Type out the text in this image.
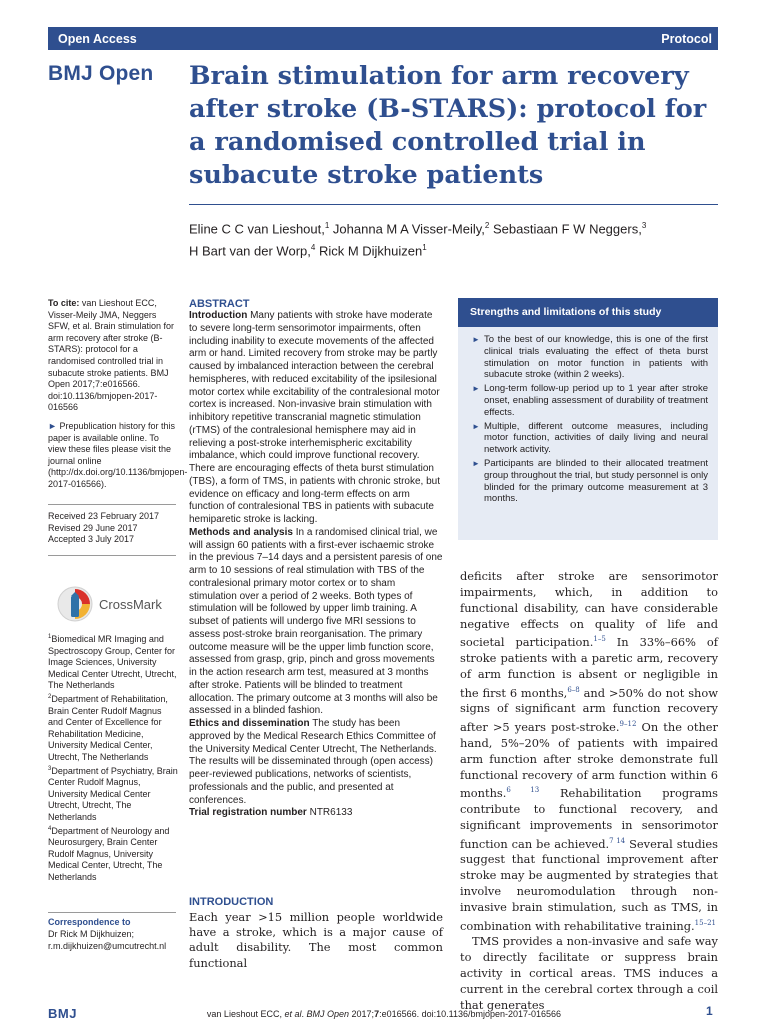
Open Access	Protocol
BMJ Open Brain stimulation for arm recovery after stroke (B-STARS): protocol for a randomised controlled trial in subacute stroke patients
Eline C C van Lieshout,$^1$ Johanna M A Visser-Meily,$^2$ Sebastiaan F W Neggers,$^3$
H Bart van der Worp,$^4$ Rick M Dijkhuizen$^1$
To cite: van Lieshout ECC, Visser-Meily JMA, Neggers SFW, et al. Brain stimulation for arm recovery after stroke (B-STARS): protocol for a randomised controlled trial in subacute stroke patients. BMJ Open 2017;7:e016566. doi:10.1136/bmjopen-2017-016566
► Prepublication history for this paper is available online. To view these files please visit the journal online (http://dx.doi.org/10.1136/bmjopen-2017-016566).
Received 23 February 2017
Revised 29 June 2017
Accepted 3 July 2017
CrossMark
$^1$Biomedical MR Imaging and Spectroscopy Group, Center for Image Sciences, University Medical Center Utrecht, Utrecht, The Netherlands
$^2$Department of Rehabilitation, Brain Center Rudolf Magnus and Center of Excellence for Rehabilitation Medicine, University Medical Center, Utrecht, The Netherlands
$^3$Department of Psychiatry, Brain Center Rudolf Magnus, University Medical Center Utrecht, Utrecht, The Netherlands
$^4$Department of Neurology and Neurosurgery, Brain Center Rudolf Magnus, University Medical Center, Utrecht, The Netherlands
Correspondence to
Dr Rick M Dijkhuizen;
r.m.dijkhuizen@umcutrecht.nl
ABSTRACT
Introduction Many patients with stroke have moderate to severe long-term sensorimotor impairments, often including inability to execute movements of the affected arm or hand. Limited recovery from stroke may be partly caused by imbalanced interaction between the cerebral hemispheres, with reduced excitability of the ipsilesional motor cortex while excitability of the contralesional motor cortex is increased. Non-invasive brain stimulation with inhibitory repetitive transcranial magnetic stimulation (rTMS) of the contralesional hemisphere may aid in relieving a post-stroke interhemispheric excitability imbalance, which could improve functional recovery. There are encouraging effects of theta burst stimulation (TBS), a form of TMS, in patients with chronic stroke, but evidence on efficacy and long-term effects on arm function of contralesional TBS in patients with subacute hemiparetic stroke is lacking.
Methods and analysis In a randomised clinical trial, we will assign 60 patients with a first-ever ischaemic stroke in the previous 7–14 days and a persistent paresis of one arm to 10 sessions of real stimulation with TBS of the contralesional primary motor cortex or to sham stimulation over a period of 2 weeks. Both types of stimulation will be followed by upper limb training. A subset of patients will undergo five MRI sessions to assess post-stroke brain reorganisation. The primary outcome measure will be the upper limb function score, assessed from grasp, grip, pinch and gross movements in the action research arm test, measured at 3 months after stroke. Patients will be blinded to treatment allocation. The primary outcome at 3 months will also be assessed in a blinded fashion.
Ethics and dissemination The study has been approved by the Medical Research Ethics Committee of the University Medical Center Utrecht, The Netherlands. The results will be disseminated through (open access) peer-reviewed publications, networks of scientists, professionals and the public, and presented at conferences.
Trial registration number NTR6133
Strengths and limitations of this study
► To the best of our knowledge, this is one of the first clinical trials evaluating the effect of theta burst stimulation on motor function in patients with subacute stroke (within 2 weeks).
► Long-term follow-up period up to 1 year after stroke onset, enabling assessment of durability of treatment effects.
► Multiple, different outcome measures, including motor function, activities of daily living and neural network activity.
► Participants are blinded to their allocated treatment group throughout the trial, but study personnel is only blinded for the primary outcome measurement at 3 months.

deficits after stroke are sensorimotor impairments, which, in addition to functional disability, can have considerable negative effects on quality of life and societal participation.$^{1-5}$ In 33%–66% of stroke patients with a paretic arm, recovery of arm function is absent or negligible in the first 6 months,$^{6-8}$ and >50% do not show signs of significant arm function recovery after >5 years post-stroke.$^{9-12}$ On the other hand, 5%–20% of patients with impaired arm function after stroke demonstrate full functional recovery of arm function within 6 months.$^{6 13}$ Rehabilitation programs contribute to functional recovery, and significant improvements in sensorimotor function can be achieved.$^{7 14}$ Several studies suggest that functional improvement after stroke may be augmented by strategies that involve neuromodulation through non-invasive brain stimulation, such as TMS, in combination with rehabilitative training.$^{15-21}$

TMS provides a non-invasive and safe way to directly facilitate or suppress brain activity in cortical areas. TMS induces a current in the cerebral cortex through a coil that generates

INTRODUCTION
Each year >15 million people worldwide have a stroke, which is a major cause of adult disability. The most common functional
BMJ	van Lieshout ECC, et al. BMJ Open 2017;7:e016566. doi:10.1136/bmjopen-2017-016566	1
